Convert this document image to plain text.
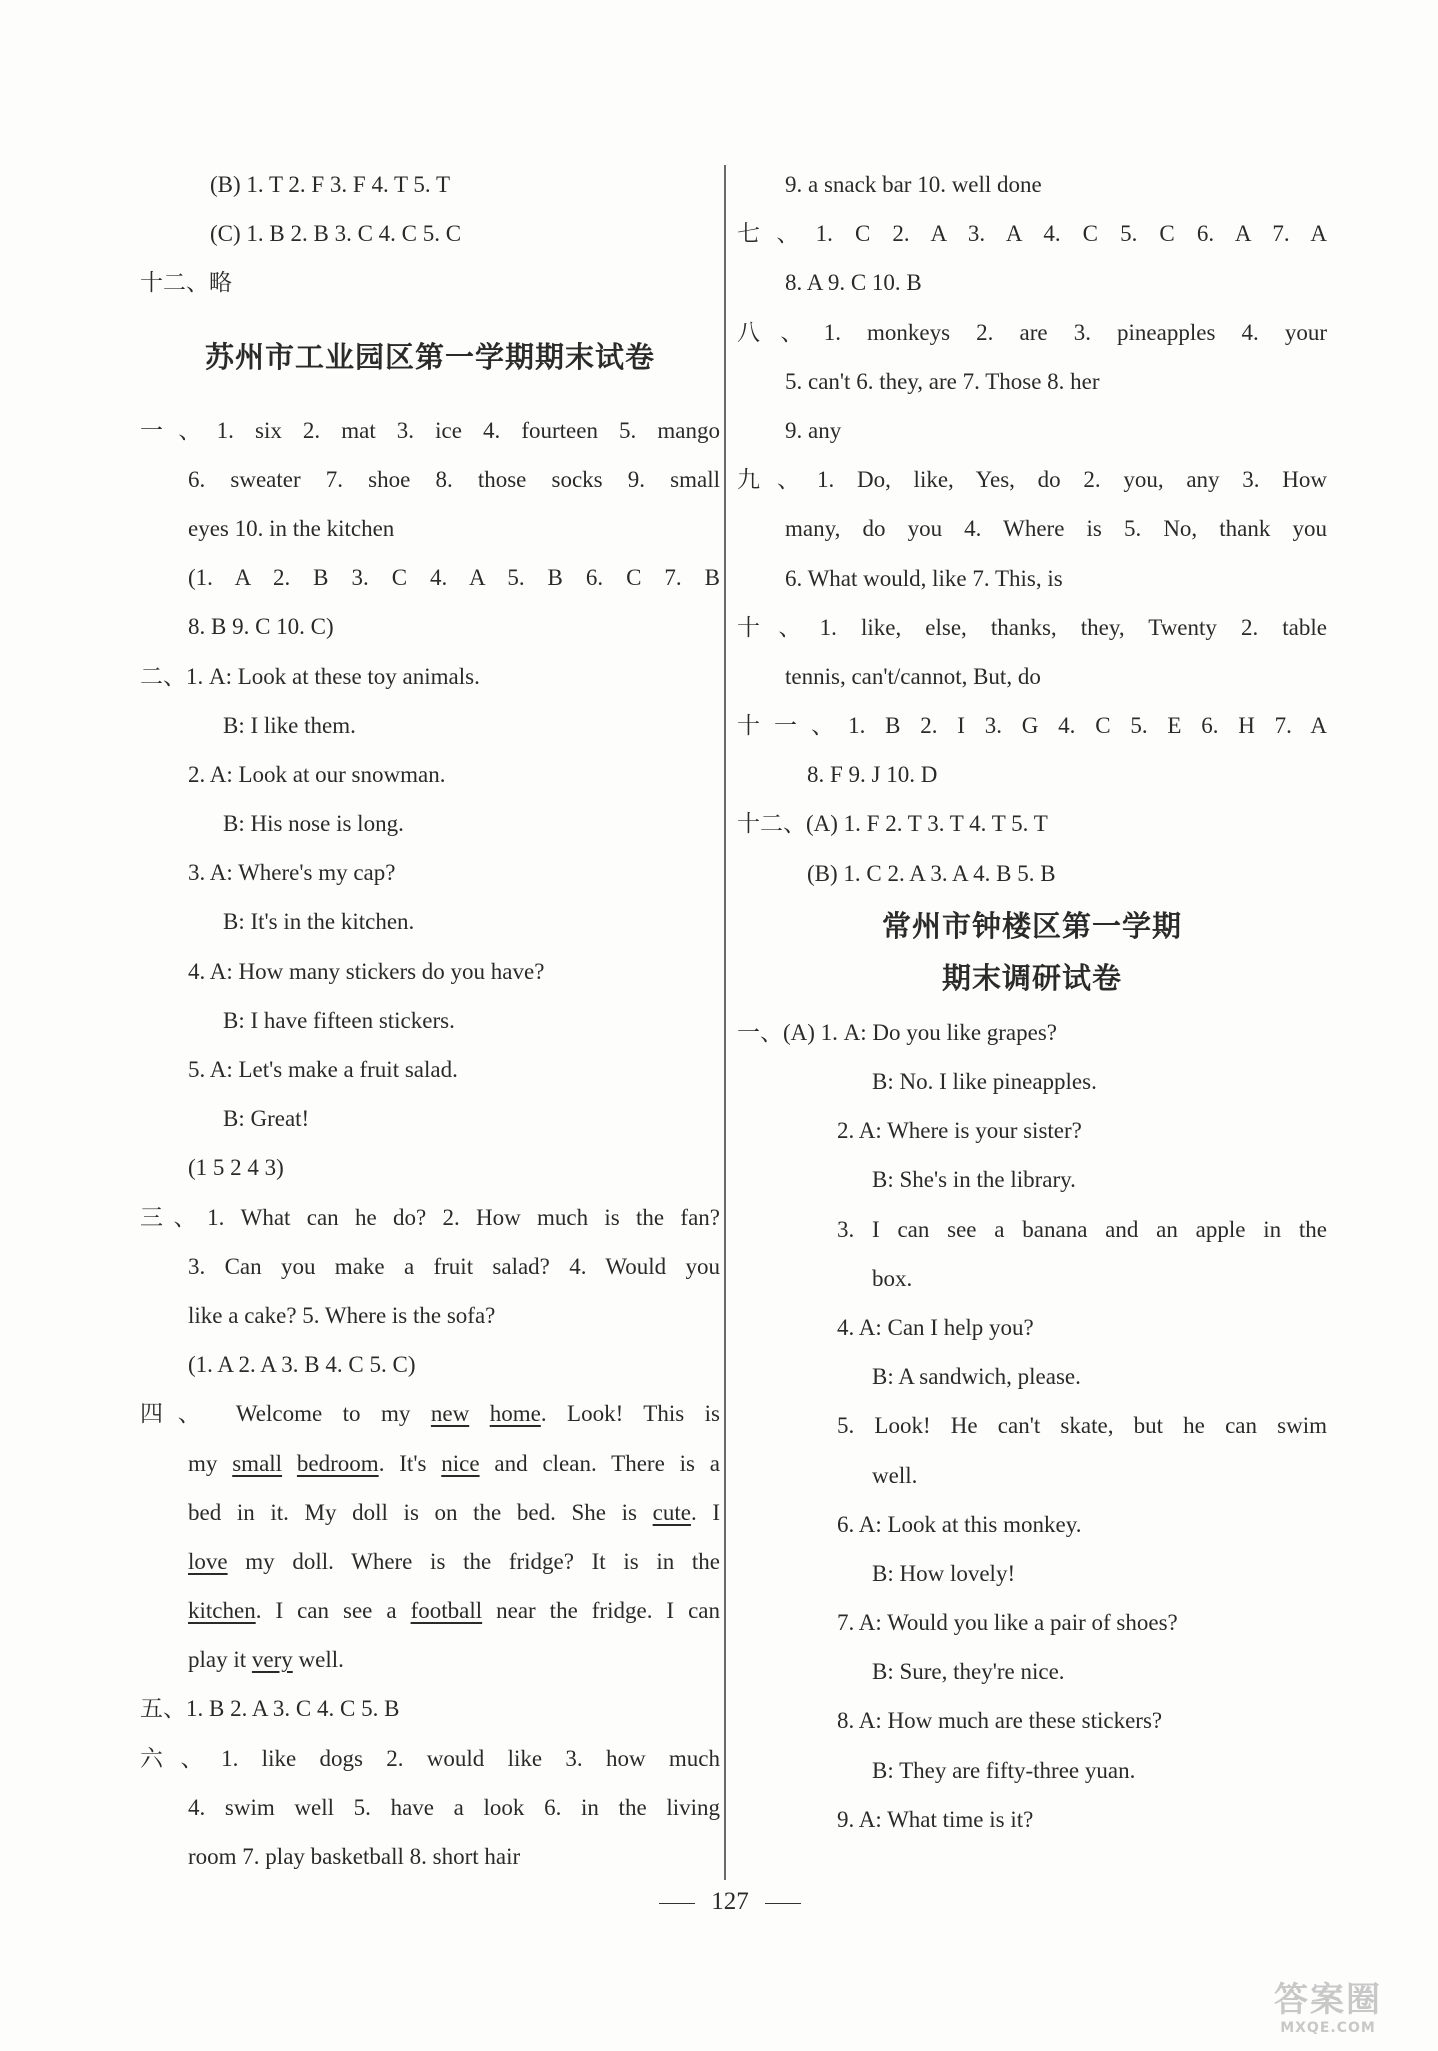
(B) 1. T 2. F 3. F 4. T 5. T
(C) 1. B 2. B 3. C 4. C 5. C
十二、略
苏州市工业园区第一学期期末试卷
一、1. six 2. mat 3. ice 4. fourteen 5. mango
6. sweater 7. shoe 8. those socks 9. small
eyes 10. in the kitchen
(1. A 2. B 3. C 4. A 5. B 6. C 7. B
8. B 9. C 10. C)
二、1. A: Look at these toy animals.
B: I like them.
2. A: Look at our snowman.
B: His nose is long.
3. A: Where's my cap?
B: It's in the kitchen.
4. A: How many stickers do you have?
B: I have fifteen stickers.
5. A: Let's make a fruit salad.
B: Great!
(1 5 2 4 3)
三、1. What can he do? 2. How much is the fan?
3. Can you make a fruit salad? 4. Would you
like a cake? 5. Where is the sofa?
(1. A 2. A 3. B 4. C 5. C)
四、 Welcome to my new home. Look! This is
my small bedroom. It's nice and clean. There is a
bed in it. My doll is on the bed. She is cute. I
love my doll. Where is the fridge? It is in the
kitchen. I can see a football near the fridge. I can
play it very well.
五、1. B 2. A 3. C 4. C 5. B
六、1. like dogs 2. would like 3. how much
4. swim well 5. have a look 6. in the living
room 7. play basketball 8. short hair
9. a snack bar 10. well done
七、1. C 2. A 3. A 4. C 5. C 6. A 7. A
8. A 9. C 10. B
八、1. monkeys 2. are 3. pineapples 4. your
5. can't 6. they, are 7. Those 8. her
9. any
九、1. Do, like, Yes, do 2. you, any 3. How
many, do you 4. Where is 5. No, thank you
6. What would, like 7. This, is
十、1. like, else, thanks, they, Twenty 2. table
tennis, can't/cannot, But, do
十一、1. B 2. I 3. G 4. C 5. E 6. H 7. A
8. F 9. J 10. D
十二、(A) 1. F 2. T 3. T 4. T 5. T
(B) 1. C 2. A 3. A 4. B 5. B
常州市钟楼区第一学期
期末调研试卷
一、(A) 1. A: Do you like grapes?
B: No. I like pineapples.
2. A: Where is your sister?
B: She's in the library.
3. I can see a banana and an apple in the
box.
4. A: Can I help you?
B: A sandwich, please.
5. Look! He can't skate, but he can swim
well.
6. A: Look at this monkey.
B: How lovely!
7. A: Would you like a pair of shoes?
B: Sure, they're nice.
8. A: How much are these stickers?
B: They are fifty-three yuan.
9. A: What time is it?
127
答案圈
MXQE.COM
